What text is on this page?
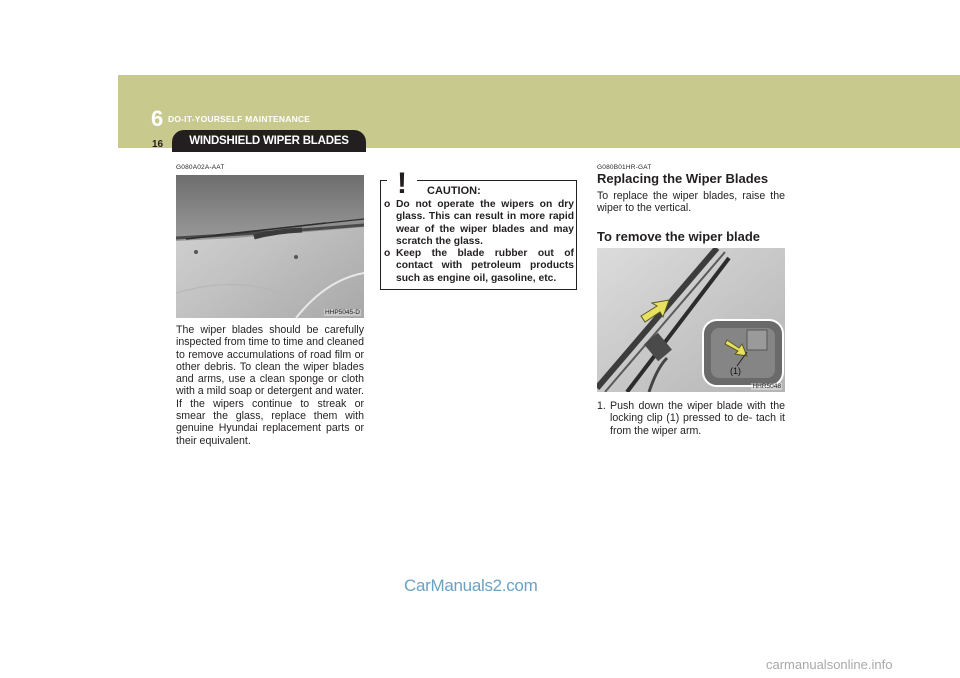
6 DO-IT-YOURSELF MAINTENANCE
16 WINDSHIELD WIPER BLADES
G080A02A-AAT
HHP5045-D
The wiper blades should be carefully inspected from time to time and cleaned to remove accumulations of road film or other debris. To clean the wiper blades and arms, use a clean sponge or cloth with a mild soap or detergent and water. If the wipers continue to streak or smear the glass, replace them with genuine Hyundai replacement parts or their equivalent.
! CAUTION:
o Do not operate the wipers on dry glass. This can result in more rapid wear of the wiper blades and may scratch the glass.
o Keep the blade rubber out of contact with petroleum products such as engine oil, gasoline, etc.
G080B01HR-GAT
Replacing the Wiper Blades
To replace the wiper blades, raise the wiper to the vertical.
To remove the wiper blade
(1)
HHR5048
1. Push down the wiper blade with the locking clip (1) pressed to de- tach it from the wiper arm.
CarManuals2.com
carmanualsonline.info
